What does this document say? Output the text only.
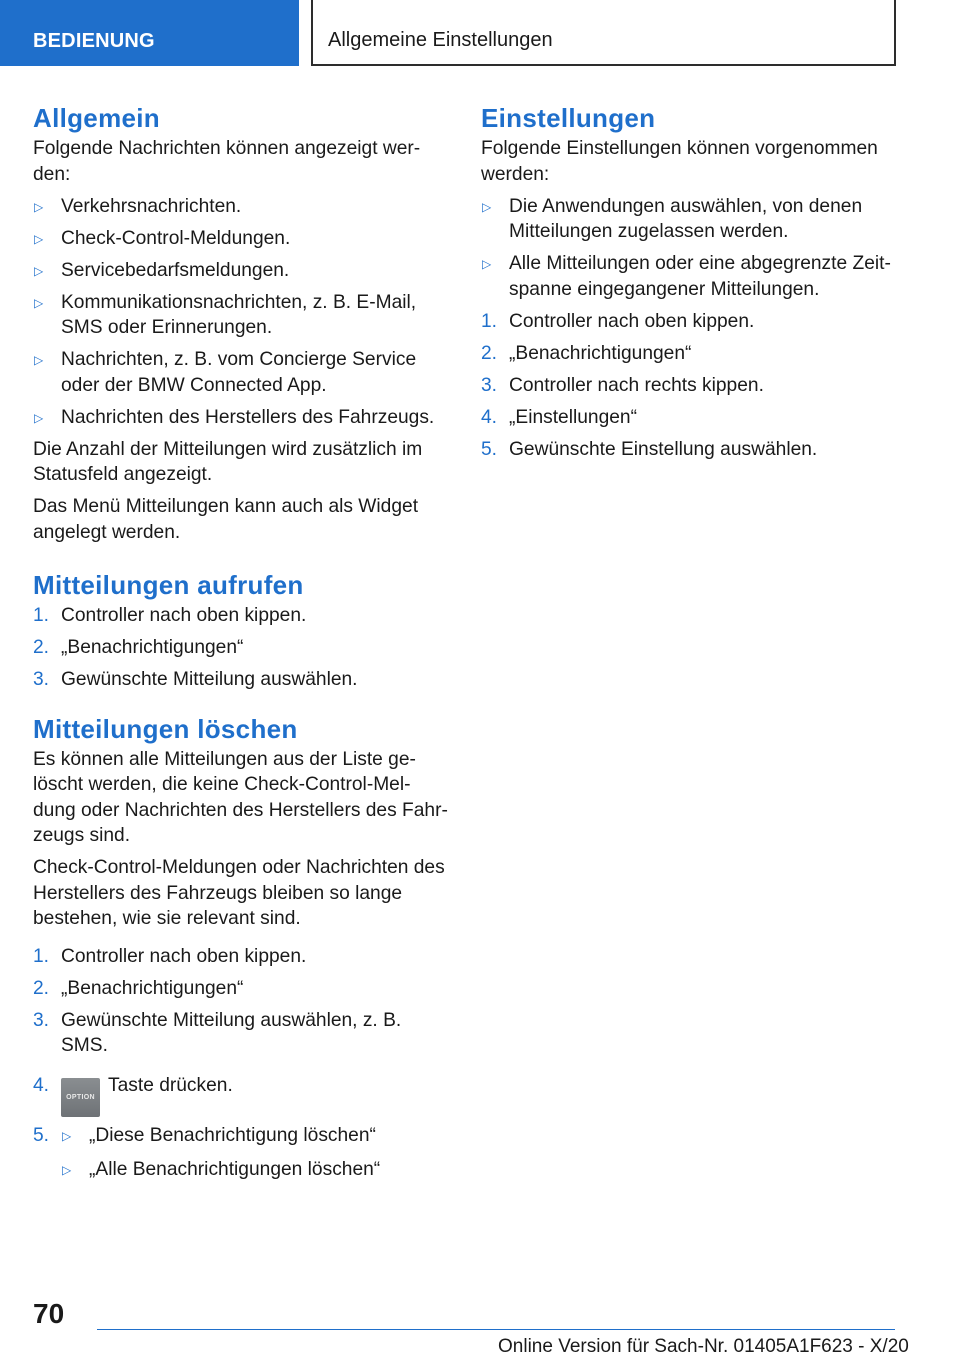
BEDIENUNG	Allgemeine Einstellungen
Allgemein

Folgende Nachrichten können angezeigt wer-den:

▷ Verkehrsnachrichten.
▷ Check-Control-Meldungen.
▷ Servicebedarfsmeldungen.
▷ Kommunikationsnachrichten, z. B. E-Mail, SMS oder Erinnerungen.
▷ Nachrichten, z. B. vom Concierge Service oder der BMW Connected App.
▷ Nachrichten des Herstellers des Fahrzeugs.

Die Anzahl der Mitteilungen wird zusätzlich im Statusfeld angezeigt.

Das Menü Mitteilungen kann auch als Widget angelegt werden.

Mitteilungen aufrufen
1. Controller nach oben kippen.
2. „Benachrichtigungen“
3. Gewünschte Mitteilung auswählen.
Mitteilungen löschen

Es können alle Mitteilungen aus der Liste ge-löscht werden, die keine Check-Control-Mel-dung oder Nachrichten des Herstellers des Fahr-zeugs sind.

Check-Control-Meldungen oder Nachrichten des Herstellers des Fahrzeugs bleiben so lange bestehen, wie sie relevant sind.

1. Controller nach oben kippen.
2. „Benachrichtigungen“
3. Gewünschte Mitteilung auswählen, z. B. SMS.
4.
OPTIONTaste drücken.
5. ▷ „Diese Benachrichtigung löschen“
▷ „Alle Benachrichtigungen löschen“
Einstellungen

Folgende Einstellungen können vorgenommen werden:

▷ Die Anwendungen auswählen, von denen Mitteilungen zugelassen werden.
▷ Alle Mitteilungen oder eine abgegrenzte Zeit-spanne eingegangener Mitteilungen.
1. Controller nach oben kippen.
2. „Benachrichtigungen“
3. Controller nach rechts kippen.
4. „Einstellungen“
5. Gewünschte Einstellung auswählen.
70
Online Version für Sach-Nr. 01405A1F623 - X/20
